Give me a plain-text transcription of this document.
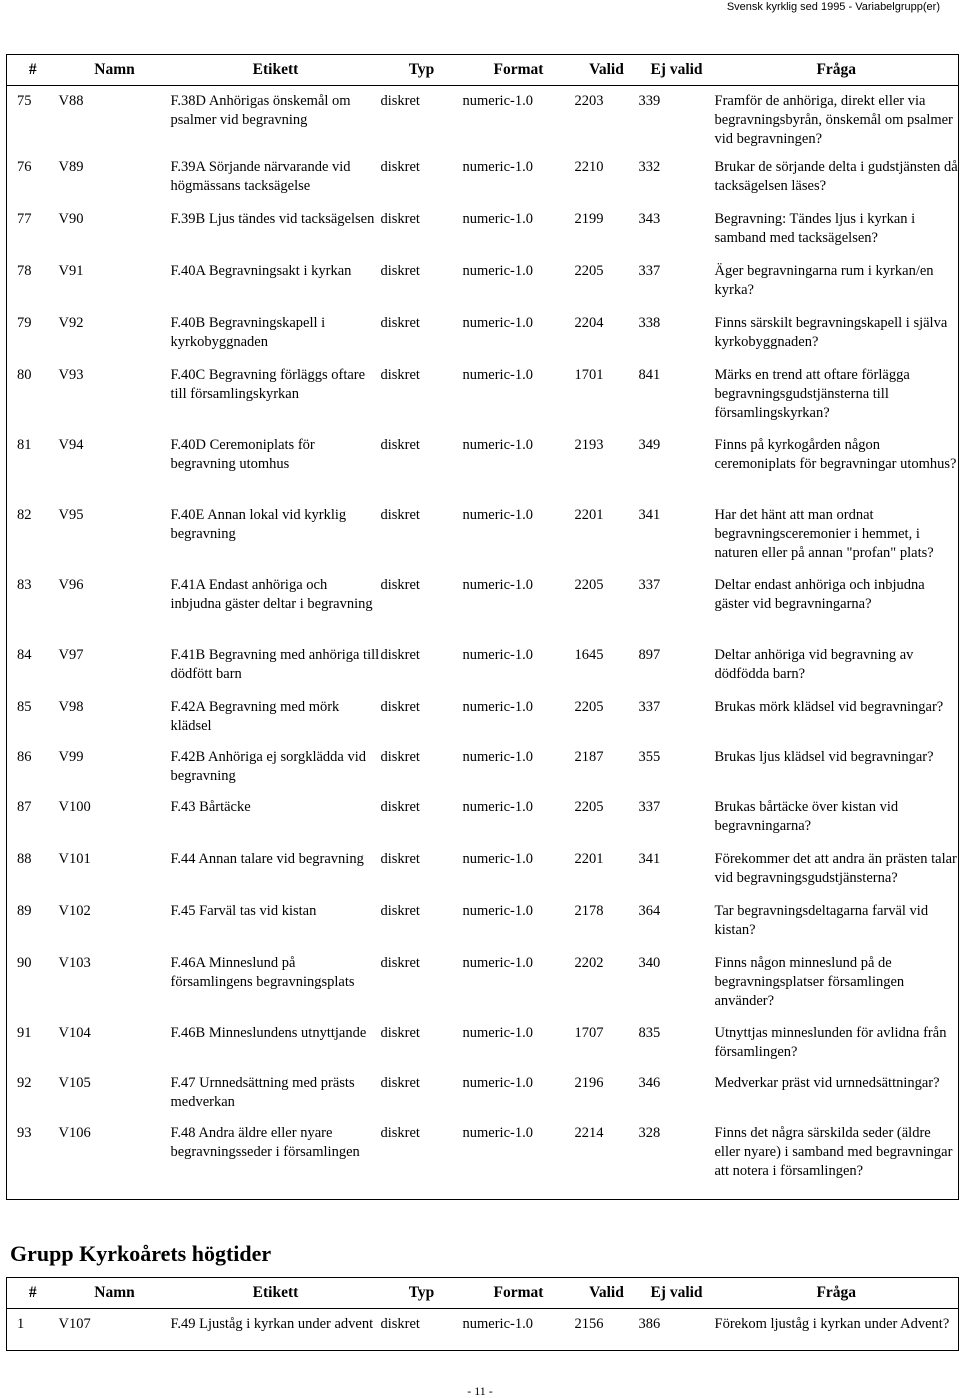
Svensk kyrklig sed 1995 - Variabelgrupp(er)
#	Namn	Etikett	Typ	Format	Valid	Ej valid	Fråga
75	V88	F.38D Anhörigas önskemål om psalmer vid begravning	diskret	numeric-1.0	2203	339	Framför de anhöriga, direkt eller via begravningsbyrån, önskemål om psalmer vid begravningen?
76	V89	F.39A Sörjande närvarande vid högmässans tacksägelse	diskret	numeric-1.0	2210	332	Brukar de sörjande delta i gudstjänsten då tacksägelsen läses?
77	V90	F.39B Ljus tändes vid tacksägelsen	diskret	numeric-1.0	2199	343	Begravning: Tändes ljus i kyrkan i samband med tacksägelsen?
78	V91	F.40A Begravningsakt i kyrkan	diskret	numeric-1.0	2205	337	Äger begravningarna rum i kyrkan/en kyrka?
79	V92	F.40B Begravningskapell i kyrkobyggnaden	diskret	numeric-1.0	2204	338	Finns särskilt begravningskapell i själva kyrkobyggnaden?
80	V93	F.40C Begravning förläggs oftare till församlingskyrkan	diskret	numeric-1.0	1701	841	Märks en trend att oftare förlägga begravningsgudstjänsterna till församlingskyrkan?
81	V94	F.40D Ceremoniplats för begravning utomhus	diskret	numeric-1.0	2193	349	Finns på kyrkogården någon ceremoniplats för begravningar utomhus?
82	V95	F.40E Annan lokal vid kyrklig begravning	diskret	numeric-1.0	2201	341	Har det hänt att man ordnat begravningsceremonier i hemmet, i naturen eller på annan "profan" plats?
83	V96	F.41A Endast anhöriga och inbjudna gäster deltar i begravning	diskret	numeric-1.0	2205	337	Deltar endast anhöriga och inbjudna gäster vid begravningarna?
84	V97	F.41B Begravning med anhöriga till dödfött barn	diskret	numeric-1.0	1645	897	Deltar anhöriga vid begravning av dödfödda barn?
85	V98	F.42A Begravning med mörk klädsel	diskret	numeric-1.0	2205	337	Brukas mörk klädsel vid begravningar?
86	V99	F.42B Anhöriga ej sorgklädda vid begravning	diskret	numeric-1.0	2187	355	Brukas ljus klädsel vid begravningar?
87	V100	F.43 Bårtäcke	diskret	numeric-1.0	2205	337	Brukas bårtäcke över kistan vid begravningarna?
88	V101	F.44 Annan talare vid begravning	diskret	numeric-1.0	2201	341	Förekommer det att andra än prästen talar vid begravningsgudstjänsterna?
89	V102	F.45 Farväl tas vid kistan	diskret	numeric-1.0	2178	364	Tar begravningsdeltagarna farväl vid kistan?
90	V103	F.46A Minneslund på församlingens begravningsplats	diskret	numeric-1.0	2202	340	Finns någon minneslund på de begravningsplatser församlingen använder?
91	V104	F.46B Minneslundens utnyttjande	diskret	numeric-1.0	1707	835	Utnyttjas minneslunden för avlidna från församlingen?
92	V105	F.47 Urnnedsättning med prästs medverkan	diskret	numeric-1.0	2196	346	Medverkar präst vid urnnedsättningar?
93	V106	F.48 Andra äldre eller nyare begravningsseder i församlingen	diskret	numeric-1.0	2214	328	Finns det några särskilda seder (äldre eller nyare) i samband med begravningar att notera i församlingen?
Grupp Kyrkoårets högtider
#	Namn	Etikett	Typ	Format	Valid	Ej valid	Fråga
1	V107	F.49 Ljuståg i kyrkan under advent	diskret	numeric-1.0	2156	386	Förekom ljuståg i kyrkan under Advent?
- 11 -
